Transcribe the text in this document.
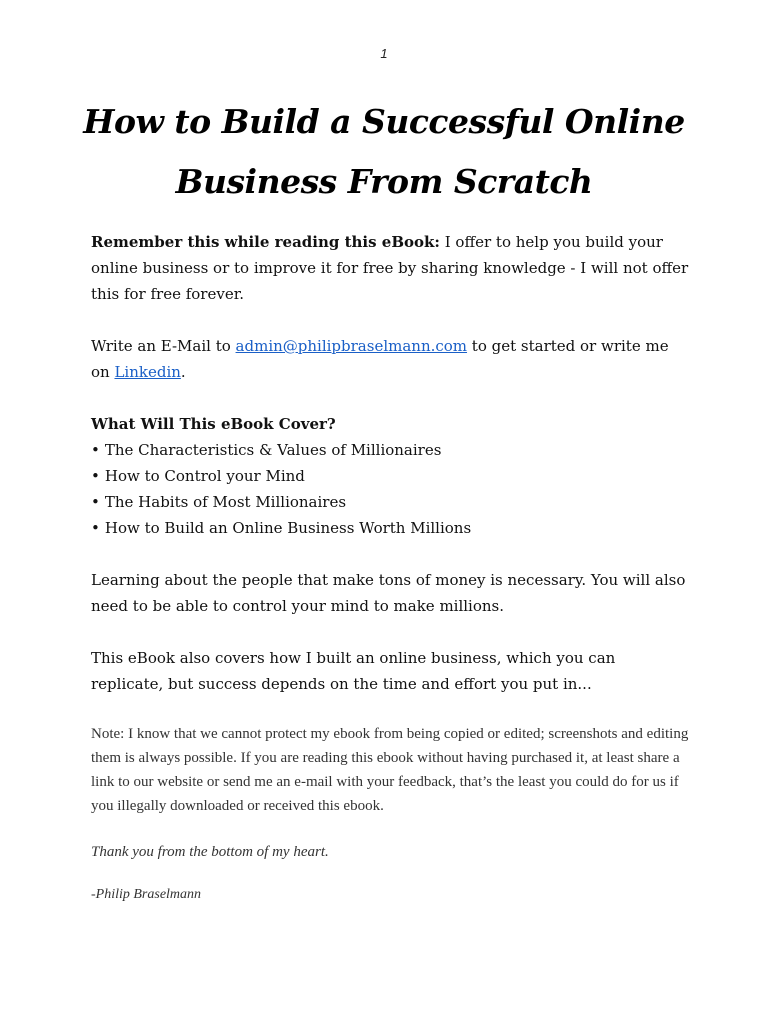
1
How to Build a Successful Online
Business From Scratch

Remember this while reading this eBook: I offer to help you build your online business or to improve it for free by sharing knowledge - I will not offer this for free forever.

Write an E-Mail to admin@philipbraselmann.com to get started or write me on Linkedin.

What Will This eBook Cover?

• The Characteristics & Values of Millionaires
• How to Control your Mind
• The Habits of Most Millionaires
• How to Build an Online Business Worth Millions

Learning about the people that make tons of money is necessary. You will also need to be able to control your mind to make millions.

This eBook also covers how I built an online business, which you can replicate, but success depends on the time and effort you put in...

Note: I know that we cannot protect my ebook from being copied or edited; screenshots and editing them is always possible. If you are reading this ebook without having purchased it, at least share a link to our website or send me an e-mail with your feedback, that’s the least you could do for us if you illegally downloaded or received this ebook.

Thank you from the bottom of my heart.

-Philip Braselmann
